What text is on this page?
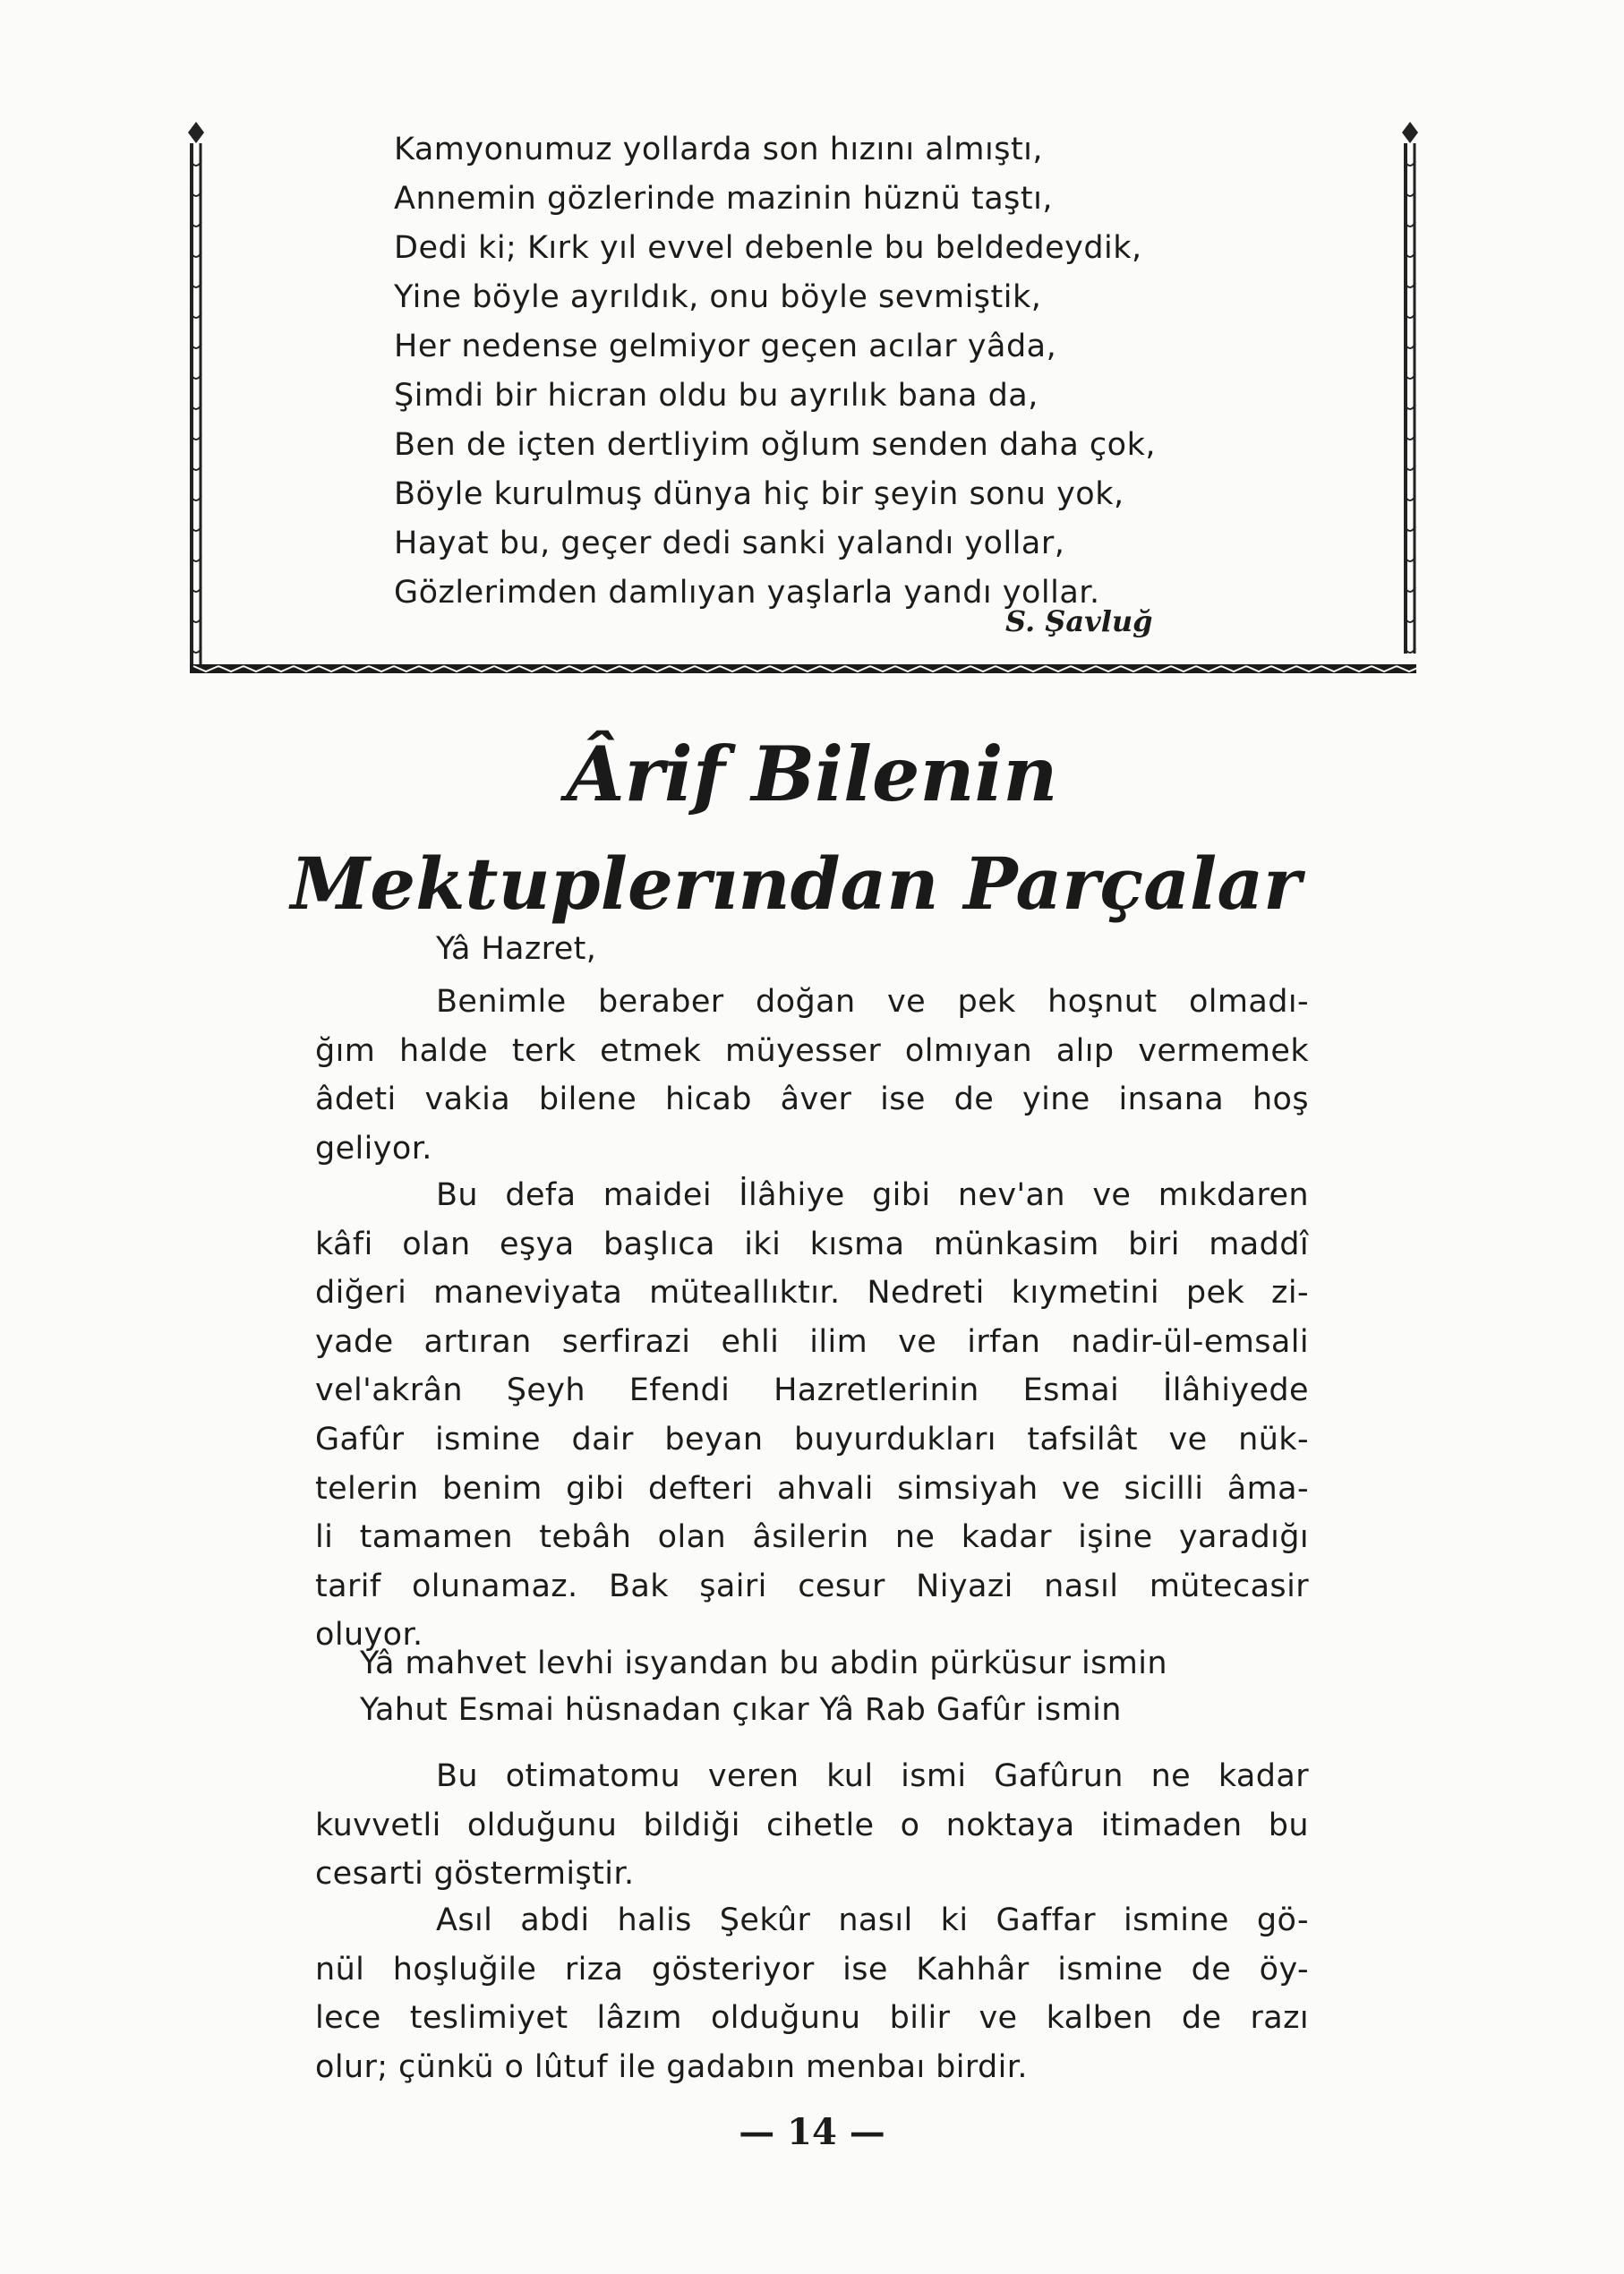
Kamyonumuz yollarda son hızını almıştı,
Annemin gözlerinde mazinin hüznü taştı,
Dedi ki; Kırk yıl evvel debenle bu beldedeydik,
Yine böyle ayrıldık, onu böyle sevmiştik,
Her nedense gelmiyor geçen acılar yâda,
Şimdi bir hicran oldu bu ayrılık bana da,
Ben de içten dertliyim oğlum senden daha çok,
Böyle kurulmuş dünya hiç bir şeyin sonu yok,
Hayat bu, geçer dedi sanki yalandı yollar,
Gözlerimden damlıyan yaşlarla yandı yollar.
S. Şavluğ
Ârif Bilenin
Mektuplerından Parçalar
Yâ Hazret,
Benimle beraber doğan ve pek hoşnut olmadı-
ğım halde terk etmek müyesser olmıyan alıp vermemek
âdeti vakia bilene hicab âver ise de yine insana hoş
geliyor.
Bu defa maidei İlâhiye gibi nev'an ve mıkdaren
kâfi olan eşya başlıca iki kısma münkasim biri maddî
diğeri maneviyata müteallıktır. Nedreti kıymetini pek zi-
yade artıran serfirazi ehli ilim ve irfan nadir-ül-emsali
vel'akrân Şeyh Efendi Hazretlerinin Esmai İlâhiyede
Gafûr ismine dair beyan buyurdukları tafsilât ve nük-
telerin benim gibi defteri ahvali simsiyah ve sicilli âma-
li tamamen tebâh olan âsilerin ne kadar işine yaradığı
tarif olunamaz. Bak şairi cesur Niyazi nasıl mütecasir
oluyor.
Yâ mahvet levhi isyandan bu abdin pürküsur ismin
Yahut Esmai hüsnadan çıkar Yâ Rab Gafûr ismin
Bu otimatomu veren kul ismi Gafûrun ne kadar
kuvvetli olduğunu bildiği cihetle o noktaya itimaden bu
cesarti göstermiştir.
Asıl abdi halis Şekûr nasıl ki Gaffar ismine gö-
nül hoşluğile riza gösteriyor ise Kahhâr ismine de öy-
lece teslimiyet lâzım olduğunu bilir ve kalben de razı
olur; çünkü o lûtuf ile gadabın menbaı birdir.
— 14 —
